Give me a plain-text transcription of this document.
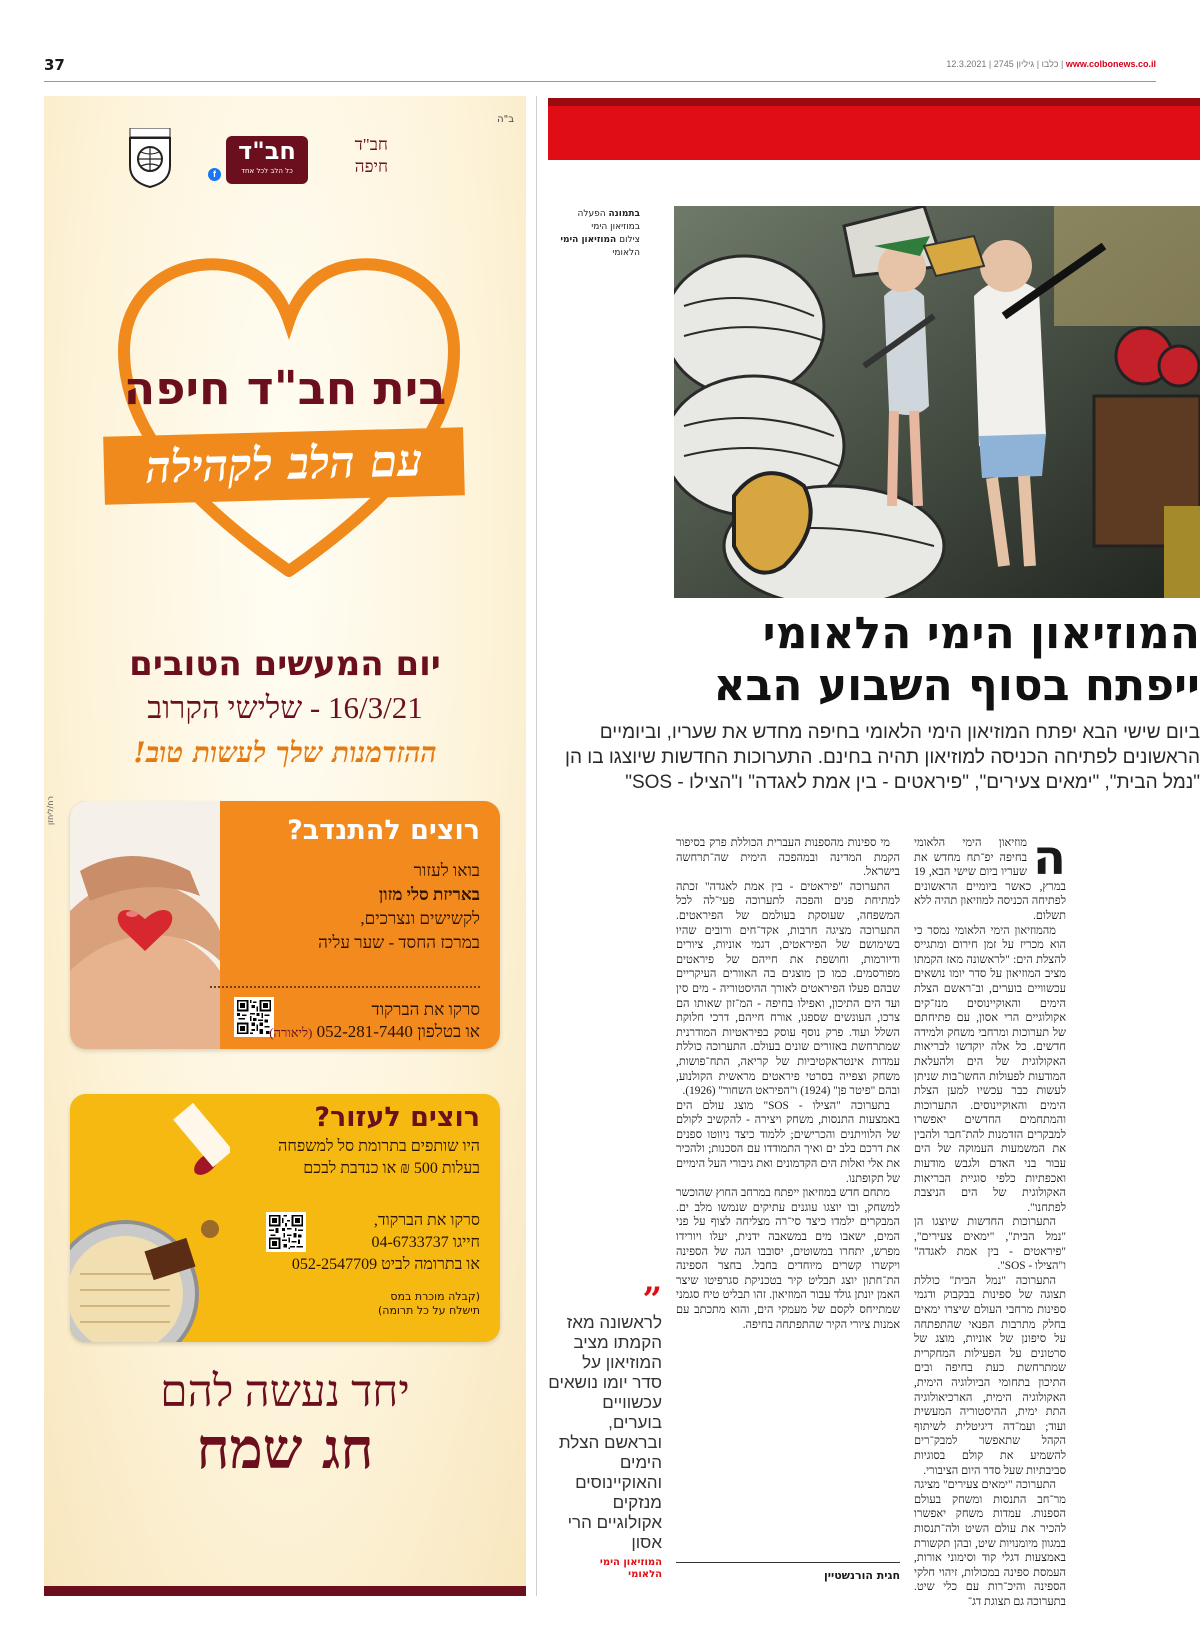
37	www.colbonews.co.il | כלבו | גיליון 2745 | 12.3.2021
ב"ה
f
חב"ד
כל הלב לכל אחד
חב"ד
חיפה
בית חב"ד חיפה
עם הלב לקהילה
יום המעשים הטובים
16/3/21 - שלישי הקרוב
ההזדמנות שלך לעשות טוב!
רח/ליחזן
רוצים להתנדב?
בואו לעזור
באריזת סלי מזון
לקשישים ונצרכים,
במרכז החסד - שער עליה
סרקו את הברקוד
או בטלפון 052-281-7440 (ליאורה)
רוצים לעזור?
היו שותפים בתרומת סל למשפחה
בעלות 500 ₪ או כנדבת לבכם
סרקו את הברקוד,
חייגו 04-6733737
או בתרומה לביט 052-2547709
(קבלה מוכרת במס
תישלח על כל תרומה)
יחד נעשה להם
חג שמח
בתמונה הפעלה
במוזיאון הימי
צילום המוזיאון הימי
הלאומי
המוזיאון הימי הלאומי
ייפתח בסוף השבוע הבא
ביום שישי הבא יפתח המוזיאון הימי הלאומי בחיפה מחדש את שעריו, וביומיים הראשונים לפתיחה הכניסה למוזיאון תהיה בחינם. התערוכות החדשות שיוצגו בו הן "נמל הבית", "ימאים צעירים", "פיראטים - בין אמת לאגדה" ו"הצילו - SOS"
ה

מוזיאון הימי הלאומי בחיפה יפ־תח מחדש את שעריו ביום שישי הבא, 19 במרץ, כאשר ביומיים הראשונים לפתיחה הכניסה למוזיאון תהיה ללא תשלום.

מהמוזיאון הימי הלאומי נמסר כי הוא מכריז על זמן חירום ומתגייס להצלת הים: "לראשונה מאז הקמתו מציב המוזיאון על סדר יומו נושאים עכשוויים בוערים, וב־ראשם הצלת הימים והאוקיינוסים מנז־קים אקולוגיים הרי אסון, עם פתיחתם של תערוכות ומרחבי משחק ולמידה חדשים. כל אלה יוקדשו לבריאות האקולוגית של הים ולהעלאת המודעות לפעולות החשו־בות שניתן לעשות כבר עכשיו למען הצלת הימים והאוקיינוסים. התערוכות והמתחמים החדשים יאפשרו למבקרים הזדמנות להת־חבר ולהבין את המשמעות העמוקה של הים עבור בני האדם ולגבש מודעות ואכפתיות כלפי סוגיית הבריאות האקולוגית של הים הניצבת לפתחנו".

התערוכות החדשות שיוצגו הן "נמל הבית", "ימאים צעירים", "פיראטים - בין אמת לאגדה" ו"הצילו - SOS".

התערוכה "נמל הבית" כוללת תצוגה של ספינות בבקבוק ודגמי ספינות מרחבי העולם שיצרו ימאים בחלק מתרבות הפנאי שהתפתחה על סיפונן של אוניות, מוצג של סרטונים על הפעילות המחקרית שמתרחשת כעת בחיפה ובים התיכון בתחומי הביולוגיה הימית, האקולוגיה הימית, הארכיאולוגיה התת ימית, ההיסטוריה המעשית ועוד; ועמ־דה דיגיטלית לשיתוף הקהל שתאפשר למבק־רים להשמיע את קולם בסוגיות סביבתיות שעל סדר היום הציבורי.

התערוכה "ימאים צעירים" מציגה מר־חב התנסות ומשחק בעולם הספנות. עמדות משחק יאפשרו להכיר את עולם השיט ולה־תנסות במגוון מיומנויות שיט, ובהן תקשורת באמצעות דגלי קוד וסימוני אורות, העמסת ספינה במכולות, זיהוי חלקי הספינה והיכ־רות עם כלי שיט. בתערוכה גם תצוגת דג־

מי ספינות מהספנות העברית הכוללת פרק בסיפור הקמת המדינה ובמהפכה הימית שה־תרחשה בישראל.

התערוכה "פיראטים - בין אמת לאגדה" זכתה למתיחת פנים והפכה לתערוכה פעי־לה לכל המשפחה, שעוסקת בעולמם של הפיראטים. התערוכה מציגה חרבות, אקד־חים ורובים שהיו בשימושם של הפיראטים, דגמי אוניות, ציורים ודיורמות, וחושפת את חייהם של פיראטים מפורסמים. כמו כן מוצגים בה האוורים העיקריים שבהם פעלו הפיראטים לאורך ההיסטוריה - מים סין ועד הים התיכון, ואפילו בחיפה - המ־זון שאותו הם צרכו, העונשים שספגו, אורח חייהם, דרכי חלוקת השלל ועוד. פרק נוסף עוסק בפיראטיות המודרנית שמתרחשת באזורים שונים בעולם. התערוכה כוללת עמדות אינטראקטיביות של קריאה, התח־פושות, משחק וצפייה בסרטי פיראטים מראשית הקולנוע, ובהם "פיטר פן" (1924) ו"הפיראט השחור" (1926).

בתערוכה "הצילו - SOS" מוצג עולם הים באמצעות התנסות, משחק ויצירה - להקשיב לקולם של הלוויתנים והכרישים; ללמוד כיצד ניווטו ספנים את דרכם בלב ים ואיך התמודדו עם הסכנות; ולהכיר את אלי ואלות הים הקדמונים ואת גיבורי העל הימיים של תקופתנו.

מתחם חדש במוזיאון ייפתח במרחב החוץ שהוכשר למשחק, ובו יוצגו עוגנים עתיקים שנמשו מלב ים. המבקרים ילמדו כיצד סי־רה מצליחה לצוף על פני המים, ישאבו מים במשאבה ידנית, יעלו ויורידו מפרש, יתחרו במשוטים, יסובבו הגה של הספינה ויקשרו קשרים מיוחדים בחבל. בחצר הספינה הת־חתון יוצג תבליט קיר בטכניקת סגרפיטו שיצר האמן יונתן גולד עבור המוזיאון. זהו תבליט טיח סגמני שמתייחס לקסם של מעמקי הים, והוא מתכתב עם אמנות ציורי הקיר שהתפתחה בחיפה.

חגית הורנשטיין
”
לראשונה מאז הקמתו מציב המוזיאון על סדר יומו נושאים עכשוויים בוערים, ובראשם הצלת הימים והאוקיינוסים מנזקים אקולוגיים הרי אסון
המוזיאון הימי
הלאומי
